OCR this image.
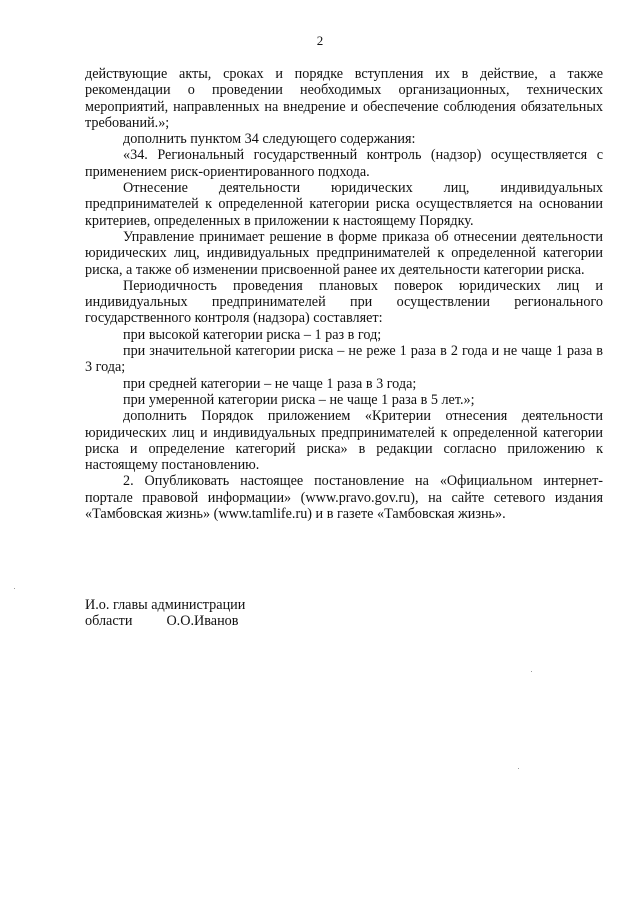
2

действующие акты, сроках и порядке вступления их в действие, а также рекомендации о проведении необходимых организационных, технических мероприятий, направленных на внедрение и обеспечение соблюдения обязательных требований.»;

дополнить пунктом 34 следующего содержания:

«34. Региональный государственный контроль (надзор) осуществляется с применением риск-ориентированного подхода.

Отнесение деятельности юридических лиц, индивидуальных предпринимателей к определенной категории риска осуществляется на основании критериев, определенных в приложении к настоящему Порядку.

Управление принимает решение в форме приказа об отнесении деятельности юридических лиц, индивидуальных предпринимателей к определенной категории риска, а также об изменении присвоенной ранее их деятельности категории риска.

Периодичность проведения плановых поверок юридических лиц и индивидуальных предпринимателей при осуществлении регионального государственного контроля (надзора) составляет:

при высокой категории риска – 1 раз в год;

при значительной категории риска – не реже 1 раза в 2 года и не чаще 1 раза в 3 года;

при средней категории – не чаще 1 раза в 3 года;

при умеренной категории риска – не чаще 1 раза в 5 лет.»;

дополнить Порядок приложением «Критерии отнесения деятельности юридических лиц и индивидуальных предпринимателей к определенной категории риска и определение категорий риска» в редакции согласно приложению к настоящему постановлению.

2. Опубликовать настоящее постановление на «Официальном интернет-портале правовой информации» (www.pravo.gov.ru), на сайте сетевого издания «Тамбовская жизнь» (www.tamlife.ru) и в газете «Тамбовская жизнь».

И.о. главы администрации
области О.О.Иванов
